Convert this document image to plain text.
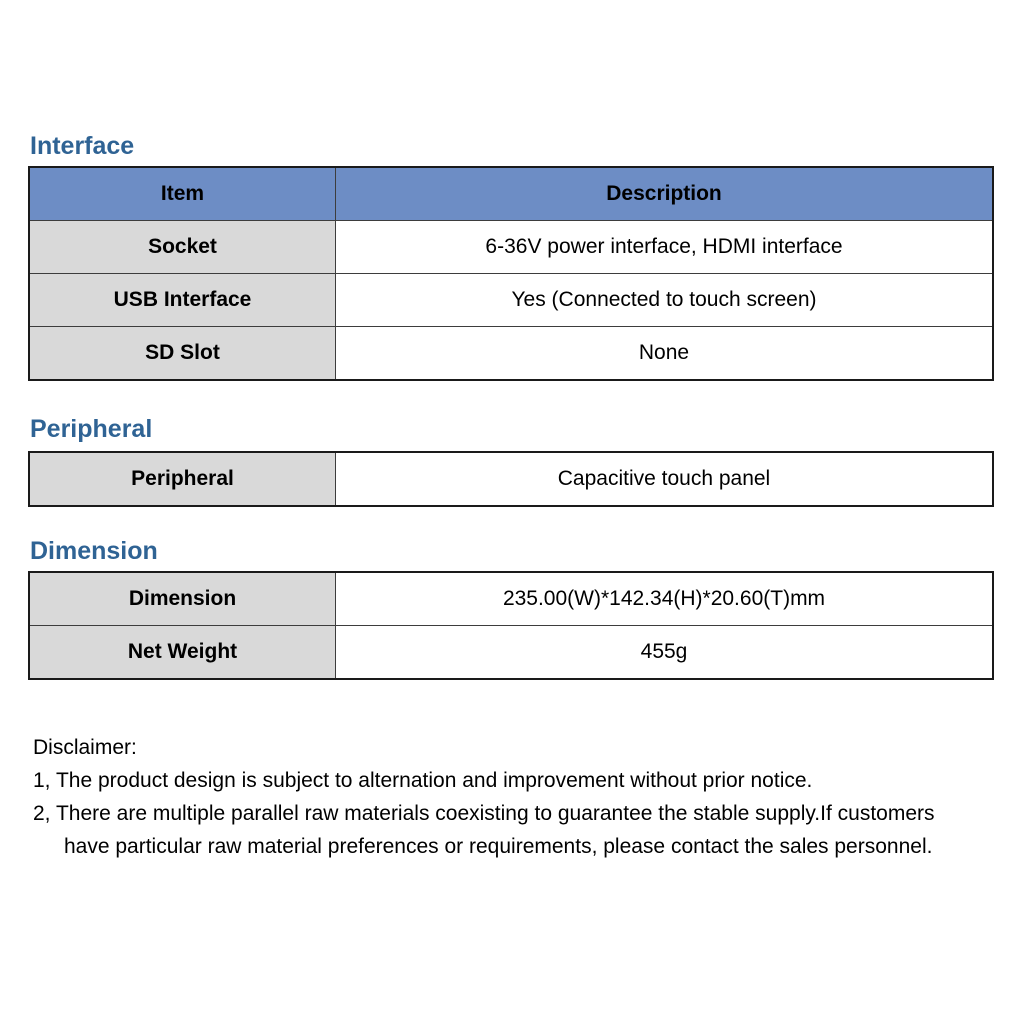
Interface
Item	Description
Socket	6-36V power interface, HDMI interface
USB Interface	Yes (Connected to touch screen)
SD Slot	None
Peripheral
Peripheral	Capacitive touch panel
Dimension
Dimension	235.00(W)*142.34(H)*20.60(T)mm
Net Weight	455g
Disclaimer:
1, The product design is subject to alternation and improvement without prior notice.
2, There are multiple parallel raw materials coexisting to guarantee the stable supply.If customers
have particular raw material preferences or requirements, please contact the sales personnel.
